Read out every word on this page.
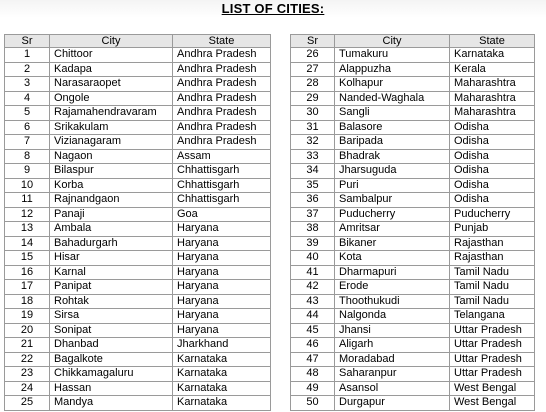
LIST OF CITIES:
Sr	City	State
1	Chittoor	Andhra Pradesh
2	Kadapa	Andhra Pradesh
3	Narasaraopet	Andhra Pradesh
4	Ongole	Andhra Pradesh
5	Rajamahendravaram	Andhra Pradesh
6	Srikakulam	Andhra Pradesh
7	Vizianagaram	Andhra Pradesh
8	Nagaon	Assam
9	Bilaspur	Chhattisgarh
10	Korba	Chhattisgarh
11	Rajnandgaon	Chhattisgarh
12	Panaji	Goa
13	Ambala	Haryana
14	Bahadurgarh	Haryana
15	Hisar	Haryana
16	Karnal	Haryana
17	Panipat	Haryana
18	Rohtak	Haryana
19	Sirsa	Haryana
20	Sonipat	Haryana
21	Dhanbad	Jharkhand
22	Bagalkote	Karnataka
23	Chikkamagaluru	Karnataka
24	Hassan	Karnataka
25	Mandya	Karnataka
Sr	City	State
26	Tumakuru	Karnataka
27	Alappuzha	Kerala
28	Kolhapur	Maharashtra
29	Nanded-Waghala	Maharashtra
30	Sangli	Maharashtra
31	Balasore	Odisha
32	Baripada	Odisha
33	Bhadrak	Odisha
34	Jharsuguda	Odisha
35	Puri	Odisha
36	Sambalpur	Odisha
37	Puducherry	Puducherry
38	Amritsar	Punjab
39	Bikaner	Rajasthan
40	Kota	Rajasthan
41	Dharmapuri	Tamil Nadu
42	Erode	Tamil Nadu
43	Thoothukudi	Tamil Nadu
44	Nalgonda	Telangana
45	Jhansi	Uttar Pradesh
46	Aligarh	Uttar Pradesh
47	Moradabad	Uttar Pradesh
48	Saharanpur	Uttar Pradesh
49	Asansol	West Bengal
50	Durgapur	West Bengal
